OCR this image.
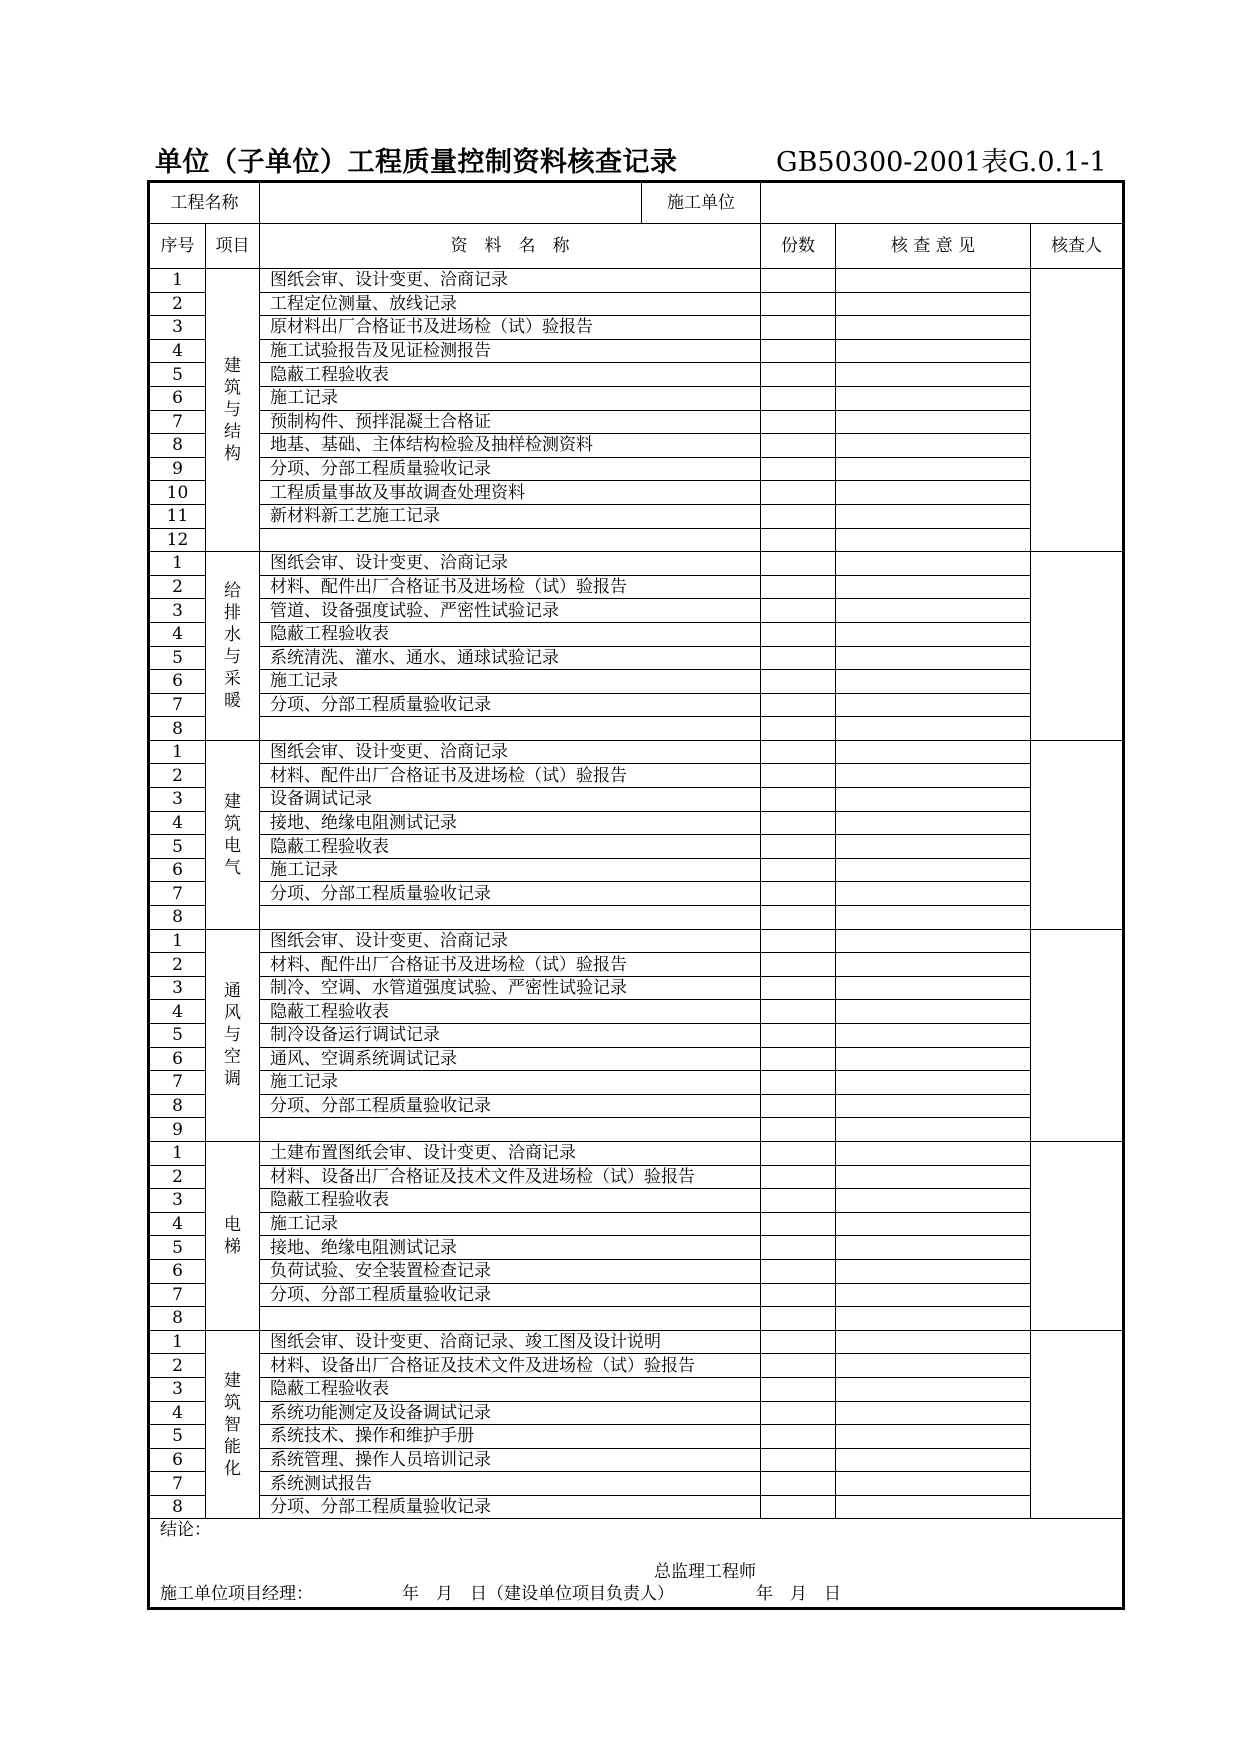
单位（子单位）工程质量控制资料核查记录	GB50300-2001表G.0.1-1
工程名称			施工单位			
序号	项目	资　料　名　称		份数	核 查 意 见	核查人
1	建筑与结构	图纸会审、设计变更、洽商记录				
2		工程定位测量、放线记录				
3		原材料出厂合格证书及进场检（试）验报告				
4		施工试验报告及见证检测报告				
5		隐蔽工程验收表				
6		施工记录				
7		预制构件、预拌混凝土合格证				
8		地基、基础、主体结构检验及抽样检测资料				
9		分项、分部工程质量验收记录				
10		工程质量事故及事故调查处理资料				
11		新材料新工艺施工记录				
12						
1	给排水与采暖	图纸会审、设计变更、洽商记录				
2		材料、配件出厂合格证书及进场检（试）验报告				
3		管道、设备强度试验、严密性试验记录				
4		隐蔽工程验收表				
5		系统清洗、灌水、通水、通球试验记录				
6		施工记录				
7		分项、分部工程质量验收记录				
8						
1	建筑电气	图纸会审、设计变更、洽商记录				
2		材料、配件出厂合格证书及进场检（试）验报告				
3		设备调试记录				
4		接地、绝缘电阻测试记录				
5		隐蔽工程验收表				
6		施工记录				
7		分项、分部工程质量验收记录				
8						
1	通风与空调	图纸会审、设计变更、洽商记录				
2		材料、配件出厂合格证书及进场检（试）验报告				
3		制冷、空调、水管道强度试验、严密性试验记录				
4		隐蔽工程验收表				
5		制冷设备运行调试记录				
6		通风、空调系统调试记录				
7		施工记录				
8		分项、分部工程质量验收记录				
9						
1	电梯	土建布置图纸会审、设计变更、洽商记录				
2		材料、设备出厂合格证及技术文件及进场检（试）验报告				
3		隐蔽工程验收表				
4		施工记录				
5		接地、绝缘电阻测试记录				
6		负荷试验、安全装置检查记录				
7		分项、分部工程质量验收记录				
8						
1	建筑智能化	图纸会审、设计变更、洽商记录、竣工图及设计说明				
2		材料、设备出厂合格证及技术文件及进场检（试）验报告				
3		隐蔽工程验收表				
4		系统功能测定及设备调试记录				
5		系统技术、操作和维护手册				
6		系统管理、操作人员培训记录				
7		系统测试报告				
8		分项、分部工程质量验收记录				

结论：
总监理工程师
施工单位项目经理： 年　月　日（建设单位项目负责人） 年　月　日						
